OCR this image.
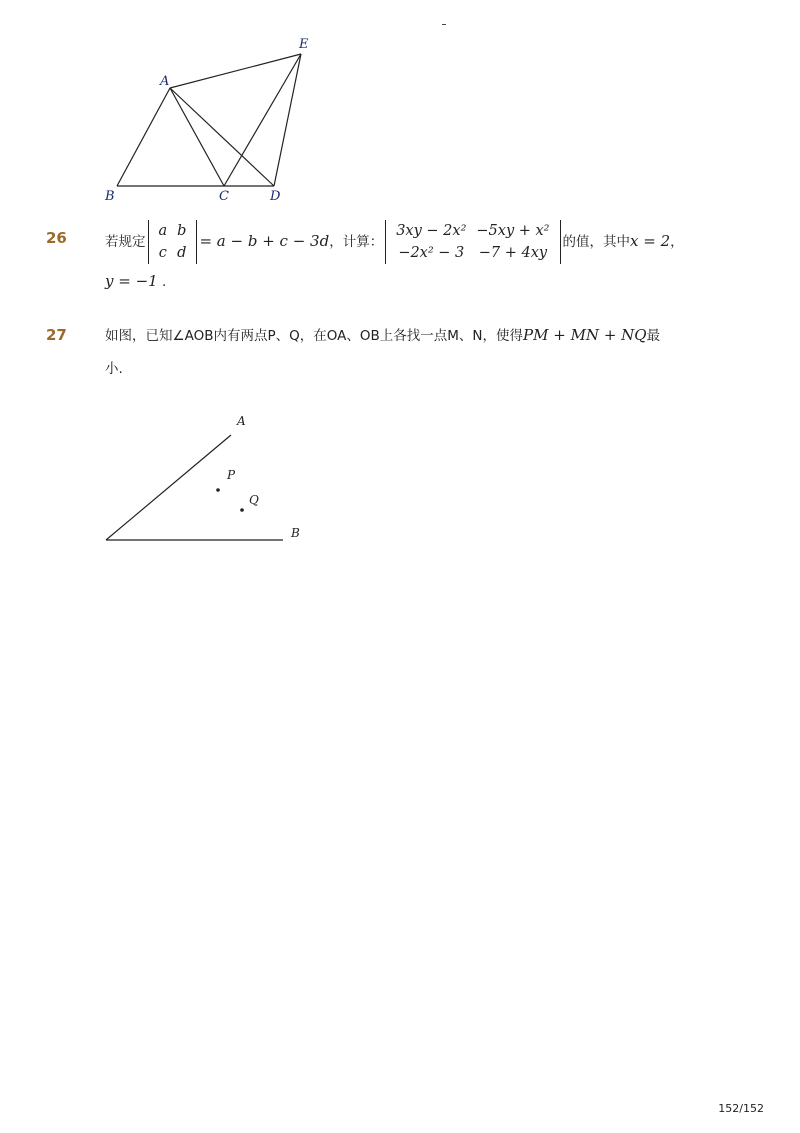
A
B	C	D
E
26	若规定
a	b
c	d
= a − b + c − 3d，计算：
3xy − 2x²	−5xy + x²
−2x² − 3	−7 + 4xy
的值，其中x = 2，
y = −1 .
27	如图，已知∠AOB内有两点P、Q，在OA、OB上各找一点M、N，使得PM + MN + NQ最
小.
A
B
P
Q
152/152
